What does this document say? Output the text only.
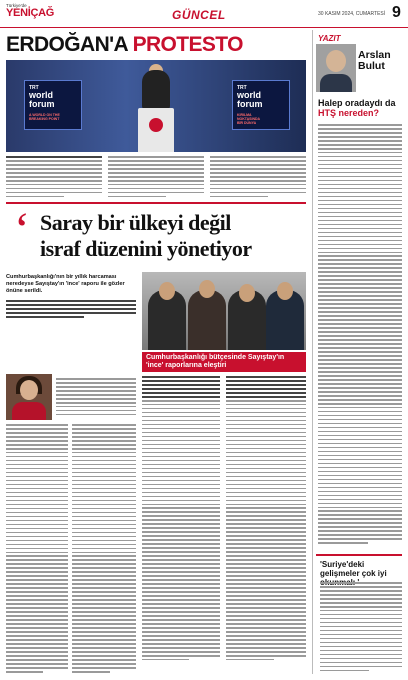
Türkiye'de
YENİÇAĞ	GÜNCEL	30 KASIM 2024, CUMARTESİ 9
ERDOĞAN'A PROTESTO
TRT
world
forum
A WORLD ON THE
BREAKING POINT
TRT
world
forum
KIRILMA
NOKTASINDA
BİR DÜNYA
‘ Saray bir ülkeyi değil
israf düzenini yönetiyor
Cumhurbaşkanlığı'nın bir yıllık harcaması neredeyse Sayıştay'ın 'ince' raporu ile gözler önüne serildi.
Cumhurbaşkanlığı bütçesinde Sayıştay'ın 'ince' raporlarına eleştiri
YAZIT
Arslan
Bulut
Halep oradaydı da HTŞ nereden?
'Suriye'deki gelişmeler çok iyi
